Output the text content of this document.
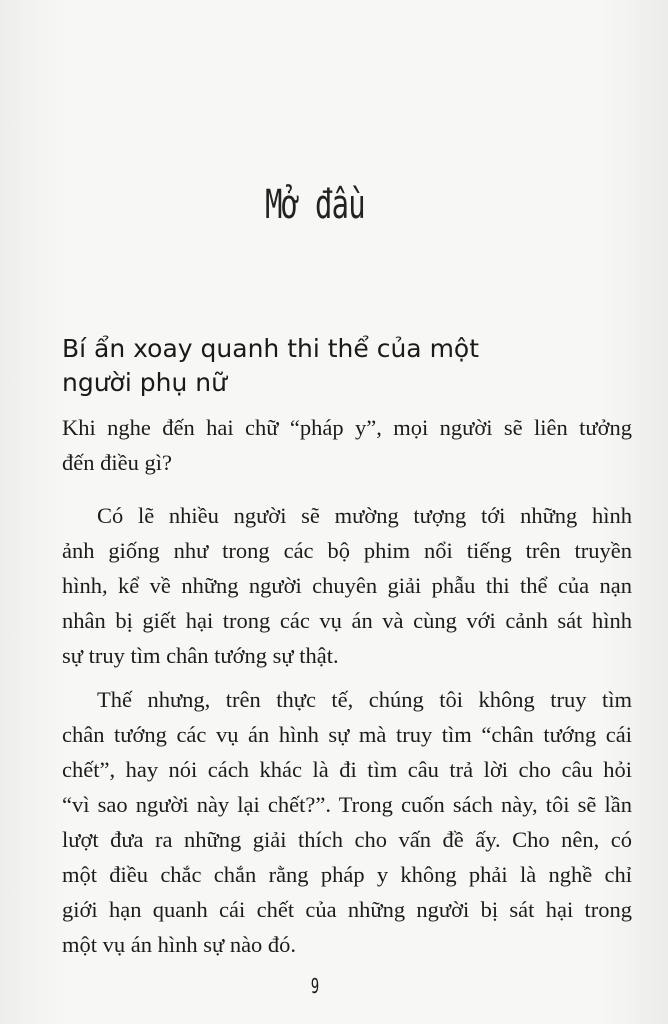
Mở đầu
Bí ẩn xoay quanh thi thể của một
người phụ nữ
Khi nghe đến hai chữ “pháp y”, mọi người sẽ liên tưởng
đến điều gì?
Có lẽ nhiều người sẽ mường tượng tới những hình
ảnh giống như trong các bộ phim nổi tiếng trên truyền
hình, kể về những người chuyên giải phẫu thi thể của nạn
nhân bị giết hại trong các vụ án và cùng với cảnh sát hình
sự truy tìm chân tướng sự thật.
Thế nhưng, trên thực tế, chúng tôi không truy tìm
chân tướng các vụ án hình sự mà truy tìm “chân tướng cái
chết”, hay nói cách khác là đi tìm câu trả lời cho câu hỏi
“vì sao người này lại chết?”. Trong cuốn sách này, tôi sẽ lần
lượt đưa ra những giải thích cho vấn đề ấy. Cho nên, có
một điều chắc chắn rằng pháp y không phải là nghề chỉ
giới hạn quanh cái chết của những người bị sát hại trong
một vụ án hình sự nào đó.
9
